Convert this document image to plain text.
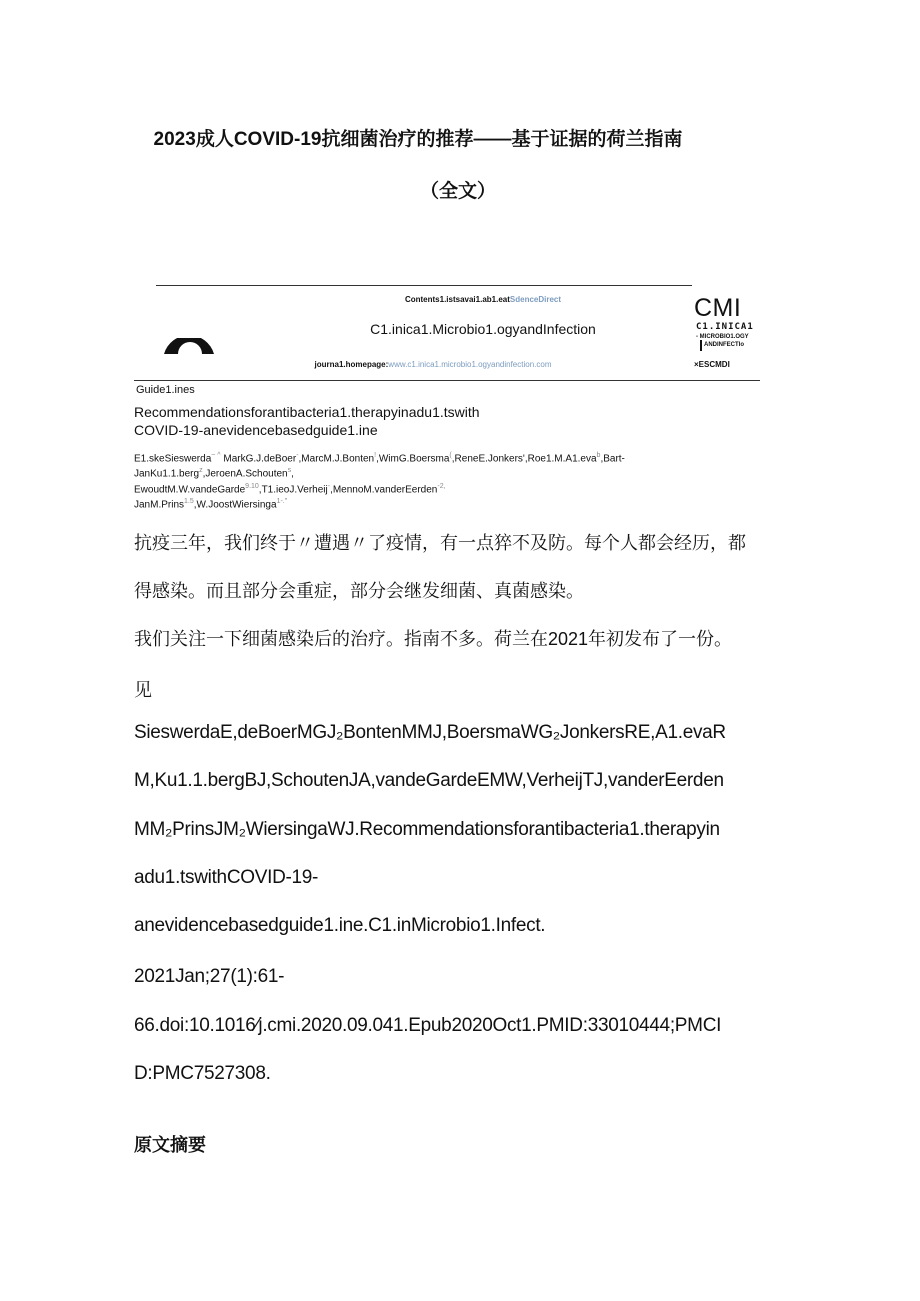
2023成人COVID-19抗细菌治疗的推荐——基于证据的荷兰指南
（全文）
Contents1.istsavai1.ab1.eatSdenceDirect
C1.inica1.Microbio1.ogyandInfection
journa1.homepage:www.c1.inica1.microbio1.ogyandinfection.com
CMI
C1.INICA1
- MICROBIO1.OGY
ANDINFECTIo
×ESCMDI
Guide1.ines
Recommendationsforantibacteria1.therapyinadu1.tswith
COVID-19-anevidencebasedguide1.ine
E1.skeSieswerda~ ^ MarkG.J.deBoer-,MarcM.J.Bonten!,WimG.Boersma(,ReneE.Jonkers',Roe1.M.A1.eva$^b$,Bart-
JanKu1.1.berg$^z$,JeroenA.Schouten$^s$,
EwoudtM.W.vandeGarde$^{9.10}$,T1.ieoJ.Verheij-,MennoM.vanderEerden$^{-2,}$
JanM.Prins$^{1.5}$,W.JoostWiersinga$^{1-."}$
抗疫三年，我们终于〃遭遇〃了疫情，有一点猝不及防。每个人都会经历，都
得感染。而且部分会重症，部分会继发细菌、真菌感染。
我们关注一下细菌感染后的治疗。指南不多。荷兰在2021年初发布了一份。
见
SieswerdaE,deBoerMGJ₂BontenMMJ,BoersmaWG₂JonkersRE,A1.evaR
M,Ku1.1.bergBJ,SchoutenJA,vandeGardeEMW,VerheijTJ,vanderEerden
MM₂PrinsJM₂WiersingaWJ.Recommendationsforantibacteria1.therapyin
adu1.tswithCOVID-19-
anevidencebasedguide1.ine.C1.inMicrobio1.Infect.
2021Jan;27(1):61-
66.doi:10.1016∕j.cmi.2020.09.041.Epub2020Oct1.PMID:33010444;PMCI
D:PMC7527308.
原文摘要
